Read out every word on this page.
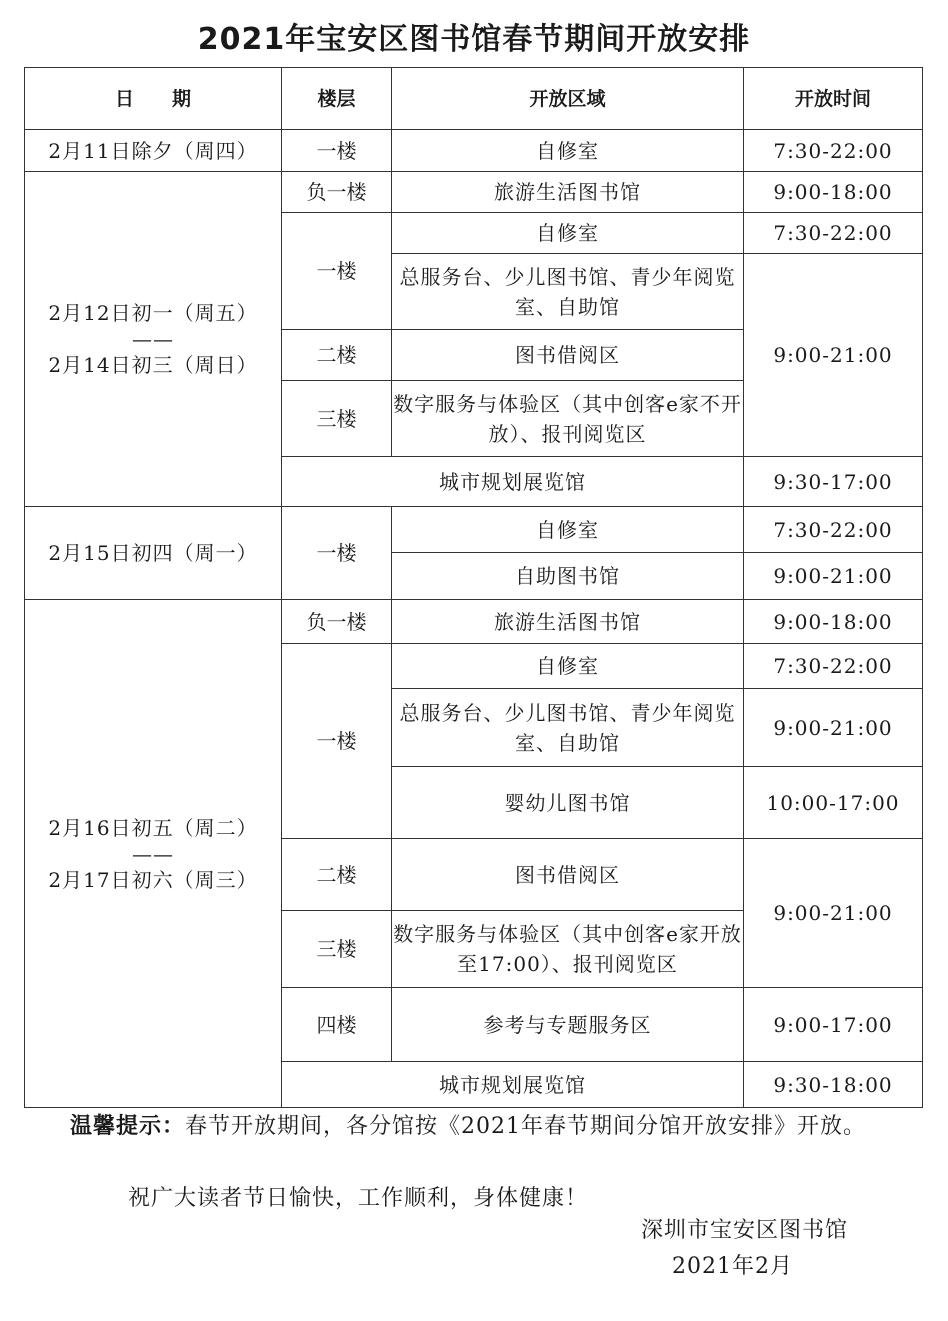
2021年宝安区图书馆春节期间开放安排
日　　期	楼层	开放区域	开放时间
2月11日除夕（周四）	一楼	自修室	7:30-22:00

2月12日初一（周五）
——
2月14日初三（周日）	负一楼	旅游生活图书馆	9:00-18:00
	一楼	自修室	7:30-22:00
		总服务台、少儿图书馆、青少年阅览室、自助馆	9:00-21:00
	二楼	图书借阅区	
	三楼	数字服务与体验区（其中创客e家不开放）、报刊阅览区	
	城市规划展览馆		9:30-17:00

2月15日初四（周一）	一楼	自修室	7:30-22:00
		自助图书馆	9:00-21:00

2月16日初五（周二）
——
2月17日初六（周三）	负一楼	旅游生活图书馆	9:00-18:00
	一楼	自修室	7:30-22:00
		总服务台、少儿图书馆、青少年阅览室、自助馆	9:00-21:00
		婴幼儿图书馆	10:00-17:00
	二楼	图书借阅区	9:00-21:00
	三楼	数字服务与体验区（其中创客e家开放至17:00）、报刊阅览区	
	四楼	参考与专题服务区	9:00-17:00
	城市规划展览馆		9:30-18:00
温馨提示：春节开放期间，各分馆按《2021年春节期间分馆开放安排》开放。
祝广大读者节日愉快，工作顺利，身体健康！
深圳市宝安区图书馆
2021年2月
